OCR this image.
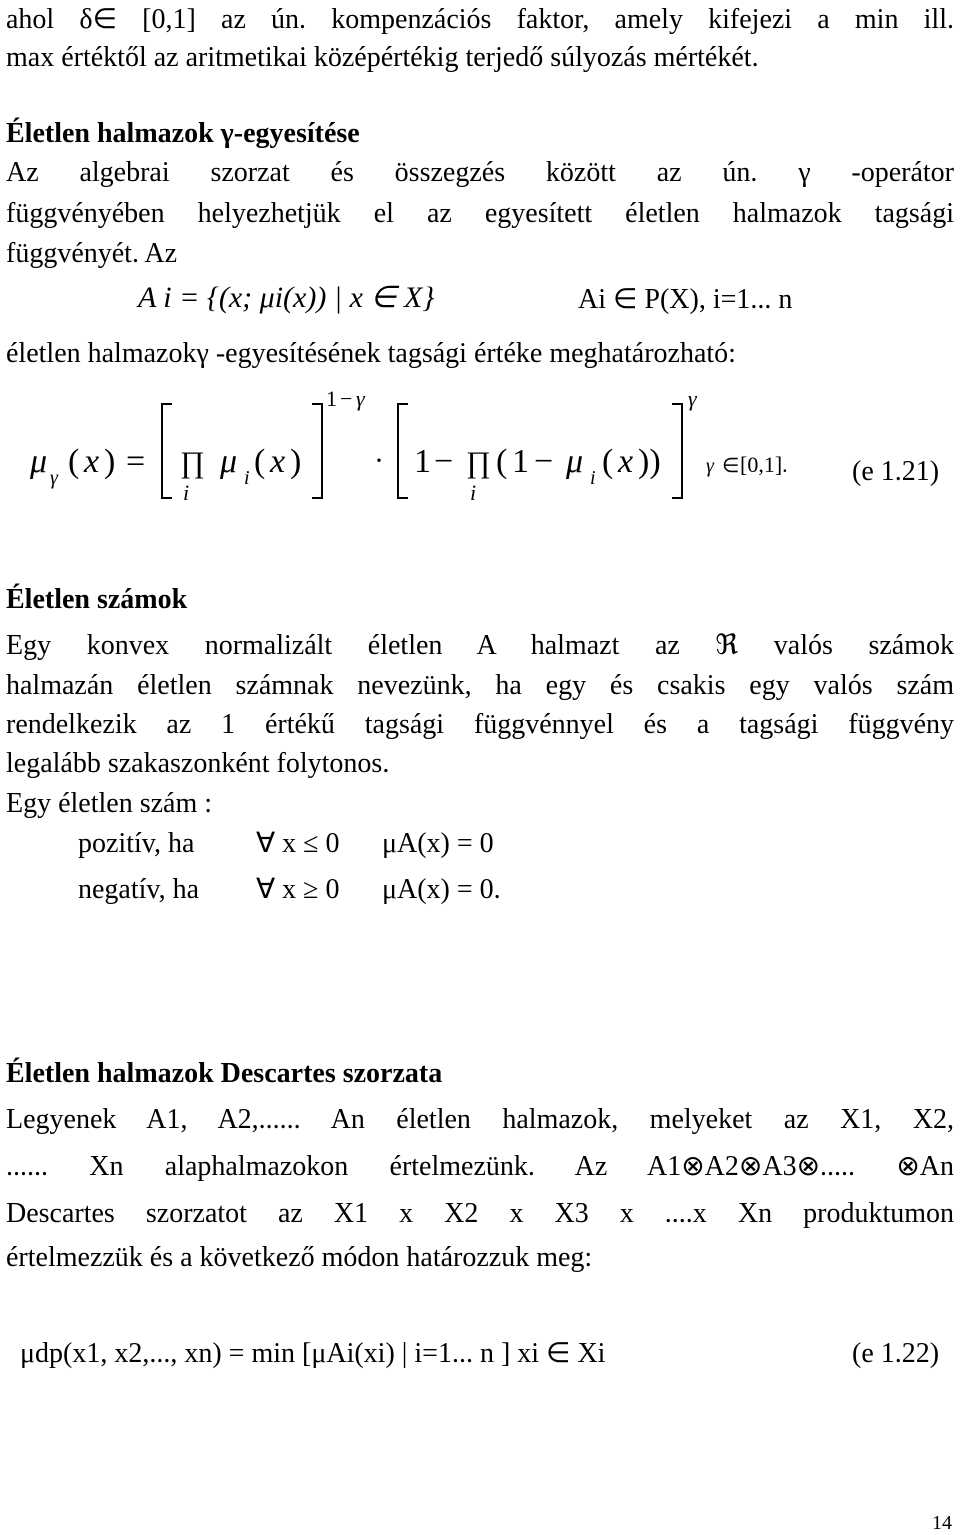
ahol δ∈ [0,1] az ún. kompenzációs faktor, amely kifejezi a min ill.
max értéktől az aritmetikai középértékig terjedő súlyozás mértékét.
Életlen halmazok γ-egyesítése
Az algebrai szorzat és összegzés között az ún. γ -operátor
függvényében helyezhetjük el az egyesített életlen halmazok tagsági
függvényét. Az
A i = {(x; μi(x)) | x ∈ X}	Ai ∈ P(X), i=1... n
életlen halmazokγ -egyesítésének tagsági értéke meghatározható:
μ γ ( x ) = ∏
i
μ i ( x )
1 − γ
· 1 − ∏
i
( 1 − μ i ( x ))
γ
γ ∈ [0,1]. (e 1.21)
Életlen számok
Egy konvex normalizált életlen A halmazt az ℜ valós számok
halmazán életlen számnak nevezünk, ha egy és csakis egy valós szám
rendelkezik az 1 értékű tagsági függvénnyel és a tagsági függvény
legalább szakaszonként folytonos.
Egy életlen szám :
pozitív, ha ∀ x ≤ 0 μA(x) = 0
negatív, ha ∀ x ≥ 0 μA(x) = 0.
Életlen halmazok Descartes szorzata
Legyenek A1, A2,...... An életlen halmazok, melyeket az X1, X2,
...... Xn alaphalmazokon értelmezünk. Az A1⊗A2⊗A3⊗..... ⊗An
Descartes szorzatot az X1 x X2 x X3 x ....x Xn produktumon
értelmezzük és a következő módon határozzuk meg:
μdp(x1, x2,..., xn) = min [μAi(xi) | i=1... n ] xi ∈ Xi	(e 1.22)
14
